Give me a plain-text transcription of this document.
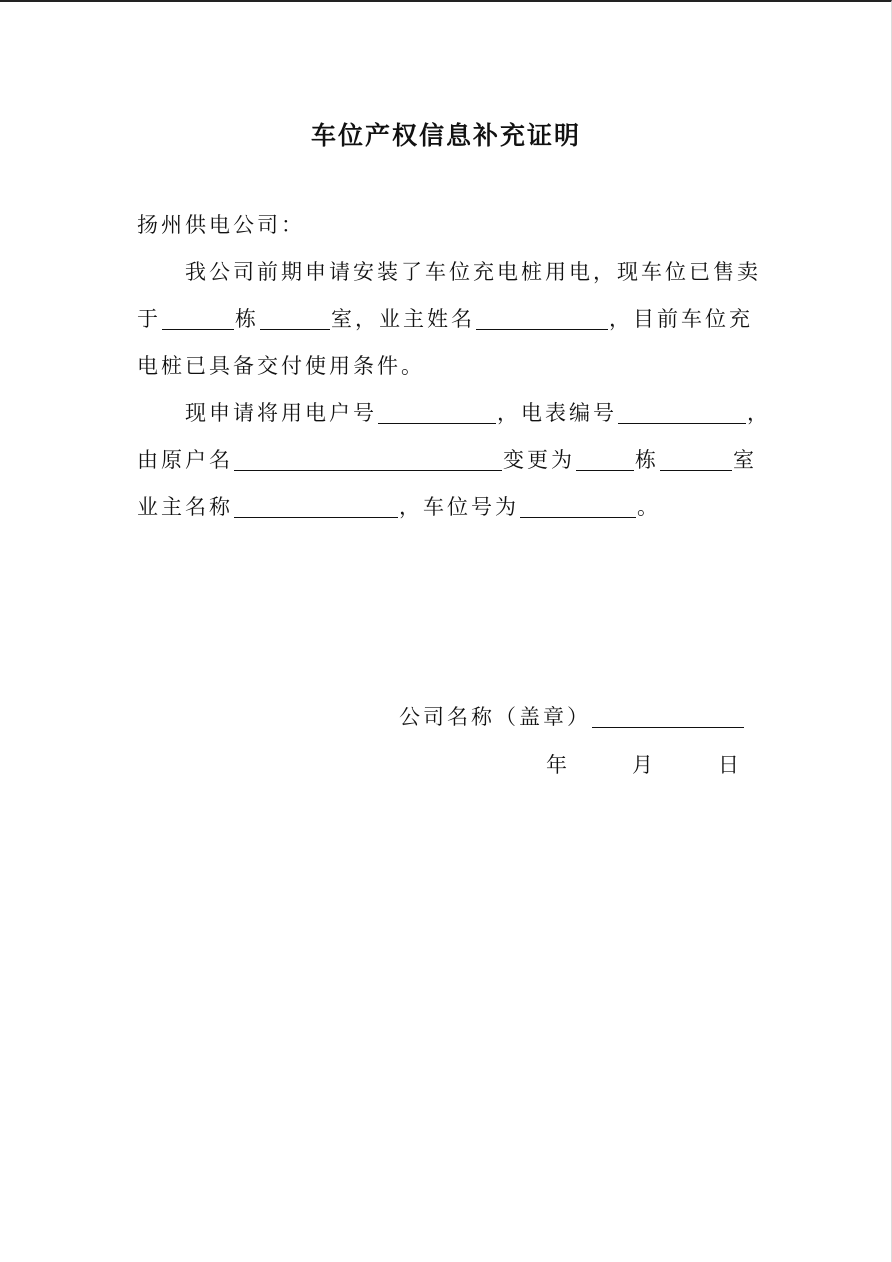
车位产权信息补充证明
扬州供电公司：
我公司前期申请安装了车位充电桩用电，现车位已售卖
于	栋	室，业主姓名	，目前车位充
电桩已具备交付使用条件。
现申请将用电户号	，电表编号	，
由原户名	变更为	栋	室
业主名称	，车位号为	。
公司名称（盖章）
年	月	日
